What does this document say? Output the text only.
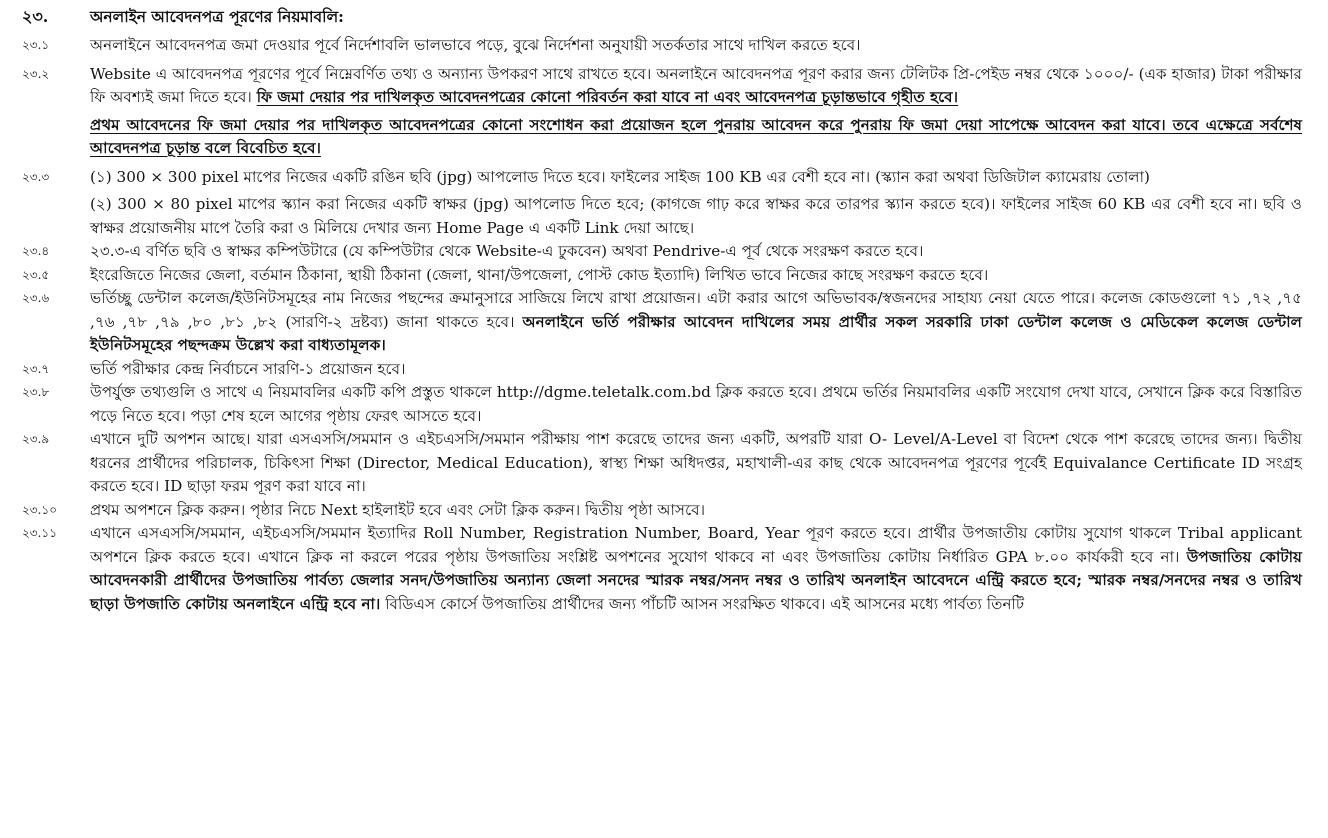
২৩.	অনলাইন আবেদনপত্র পূরণের নিয়মাবলি:
২৩.১	অনলাইনে আবেদনপত্র জমা দেওয়ার পূর্বে নির্দেশাবলি ভালভাবে পড়ে, বুঝে নির্দেশনা অনুযায়ী সতর্কতার সাথে দাখিল করতে হবে।

২৩.২	Website এ আবেদনপত্র পূরণের পূর্বে নিম্নেবর্ণিত তথ্য ও অন্যান্য উপকরণ সাথে রাখতে হবে। অনলাইনে আবেদনপত্র পূরণ করার জন্য টেলিটক প্রি-পেইড নম্বর থেকে ১০০০/- (এক হাজার) টাকা পরীক্ষার ফি অবশ্যই জমা দিতে হবে। ফি জমা দেয়ার পর দাখিলকৃত আবেদনপত্রের কোনো পরিবর্তন করা যাবে না এবং আবেদনপত্র চূড়ান্তভাবে গৃহীত হবে।

প্রথম আবেদনের ফি জমা দেয়ার পর দাখিলকৃত আবেদনপত্রের কোনো সংশোধন করা প্রয়োজন হলে পুনরায় আবেদন করে পুনরায় ফি জমা দেয়া সাপেক্ষে আবেদন করা যাবে। তবে এক্ষেত্রে সর্বশেষ আবেদনপত্র চূড়ান্ত বলে বিবেচিত হবে।

২৩.৩	(১) 300 × 300 pixel মাপের নিজের একটি রঙিন ছবি (jpg) আপলোড দিতে হবে। ফাইলের সাইজ 100 KB এর বেশী হবে না। (স্ক্যান করা অথবা ডিজিটাল ক্যামেরায় তোলা)

(২) 300 × 80 pixel মাপের স্ক্যান করা নিজের একটি স্বাক্ষর (jpg) আপলোড দিতে হবে; (কাগজে গাঢ় করে স্বাক্ষর করে তারপর স্ক্যান করতে হবে)। ফাইলের সাইজ 60 KB এর বেশী হবে না। ছবি ও স্বাক্ষর প্রয়োজনীয় মাপে তৈরি করা ও মিলিয়ে দেখার জন্য Home Page এ একটি Link দেয়া আছে।

২৩.৪	২৩.৩-এ বর্ণিত ছবি ও স্বাক্ষর কম্পিউটারে (যে কম্পিউটার থেকে Website-এ ঢুকবেন) অথবা Pendrive-এ পূর্ব থেকে সংরক্ষণ করতে হবে।

২৩.৫	ইংরেজিতে নিজের জেলা, বর্তমান ঠিকানা, স্থায়ী ঠিকানা (জেলা, থানা/উপজেলা, পোস্ট কোড ইত্যাদি) লিখিত ভাবে নিজের কাছে সংরক্ষণ করতে হবে।

২৩.৬	ভর্তিচ্ছু ডেন্টাল কলেজ/ইউনিটসমূহের নাম নিজের পছন্দের ক্রমানুসারে সাজিয়ে লিখে রাখা প্রয়োজন। এটা করার আগে অভিভাবক/স্বজনদের সাহায্য নেয়া যেতে পারে। কলেজ কোডগুলো ৭১ ,৭২ ,৭৫ ,৭৬ ,৭৮ ,৭৯ ,৮০ ,৮১ ,৮২ (সারণি-২ দ্রষ্টব্য) জানা থাকতে হবে। অনলাইনে ভর্তি পরীক্ষার আবেদন দাখিলের সময় প্রার্থীর সকল সরকারি ঢাকা ডেন্টাল কলেজ ও মেডিকেল কলেজ ডেন্টাল ইউনিটসমূহের পছন্দক্রম উল্লেখ করা বাধ্যতামূলক।

২৩.৭	ভর্তি পরীক্ষার কেন্দ্র নির্বাচনে সারণি-১ প্রয়োজন হবে।

২৩.৮	উপর্যুক্ত তথ্যগুলি ও সাথে এ নিয়মাবলির একটি কপি প্রস্তুত থাকলে http://dgme.teletalk.com.bd ক্লিক করতে হবে। প্রথমে ভর্তির নিয়মাবলির একটি সংযোগ দেখা যাবে, সেখানে ক্লিক করে বিস্তারিত পড়ে নিতে হবে। পড়া শেষ হলে আগের পৃষ্ঠায় ফেরৎ আসতে হবে।

২৩.৯	এখানে দুটি অপশন আছে। যারা এসএসসি/সমমান ও এইচএসসি/সমমান পরীক্ষায় পাশ করেছে তাদের জন্য একটি, অপরটি যারা O- Level/A-Level বা বিদেশ থেকে পাশ করেছে তাদের জন্য। দ্বিতীয় ধরনের প্রার্থীদের পরিচালক, চিকিৎসা শিক্ষা (Director, Medical Education), স্বাস্থ্য শিক্ষা অধিদপ্তর, মহাখালী-এর কাছ থেকে আবেদনপত্র পূরণের পূর্বেই Equivalance Certificate ID সংগ্রহ করতে হবে। ID ছাড়া ফরম পূরণ করা যাবে না।

২৩.১০	প্রথম অপশনে ক্লিক করুন। পৃষ্ঠার নিচে Next হাইলাইট হবে এবং সেটা ক্লিক করুন। দ্বিতীয় পৃষ্ঠা আসবে।

২৩.১১	এখানে এসএসসি/সমমান, এইচএসসি/সমমান ইত্যাদির Roll Number, Registration Number, Board, Year পূরণ করতে হবে। প্রার্থীর উপজাতীয় কোটায় সুযোগ থাকলে Tribal applicant অপশনে ক্লিক করতে হবে। এখানে ক্লিক না করলে পরের পৃষ্ঠায় উপজাতিয় সংশ্লিষ্ট অপশনের সুযোগ থাকবে না এবং উপজাতিয় কোটায় নির্ধারিত GPA ৮.০০ কার্যকরী হবে না। উপজাতিয় কোটায় আবেদনকারী প্রার্থীদের উপজাতিয় পার্বত্য জেলার সনদ/উপজাতিয় অন্যান্য জেলা সনদের স্মারক নম্বর/সনদ নম্বর ও তারিখ অনলাইন আবেদনে এন্ট্রি করতে হবে; স্মারক নম্বর/সনদের নম্বর ও তারিখ ছাড়া উপজাতি কোটায় অনলাইনে এন্ট্রি হবে না। বিডিএস কোর্সে উপজাতিয় প্রার্থীদের জন্য পাঁচটি আসন সংরক্ষিত থাকবে। এই আসনের মধ্যে পার্বত্য তিনটি
